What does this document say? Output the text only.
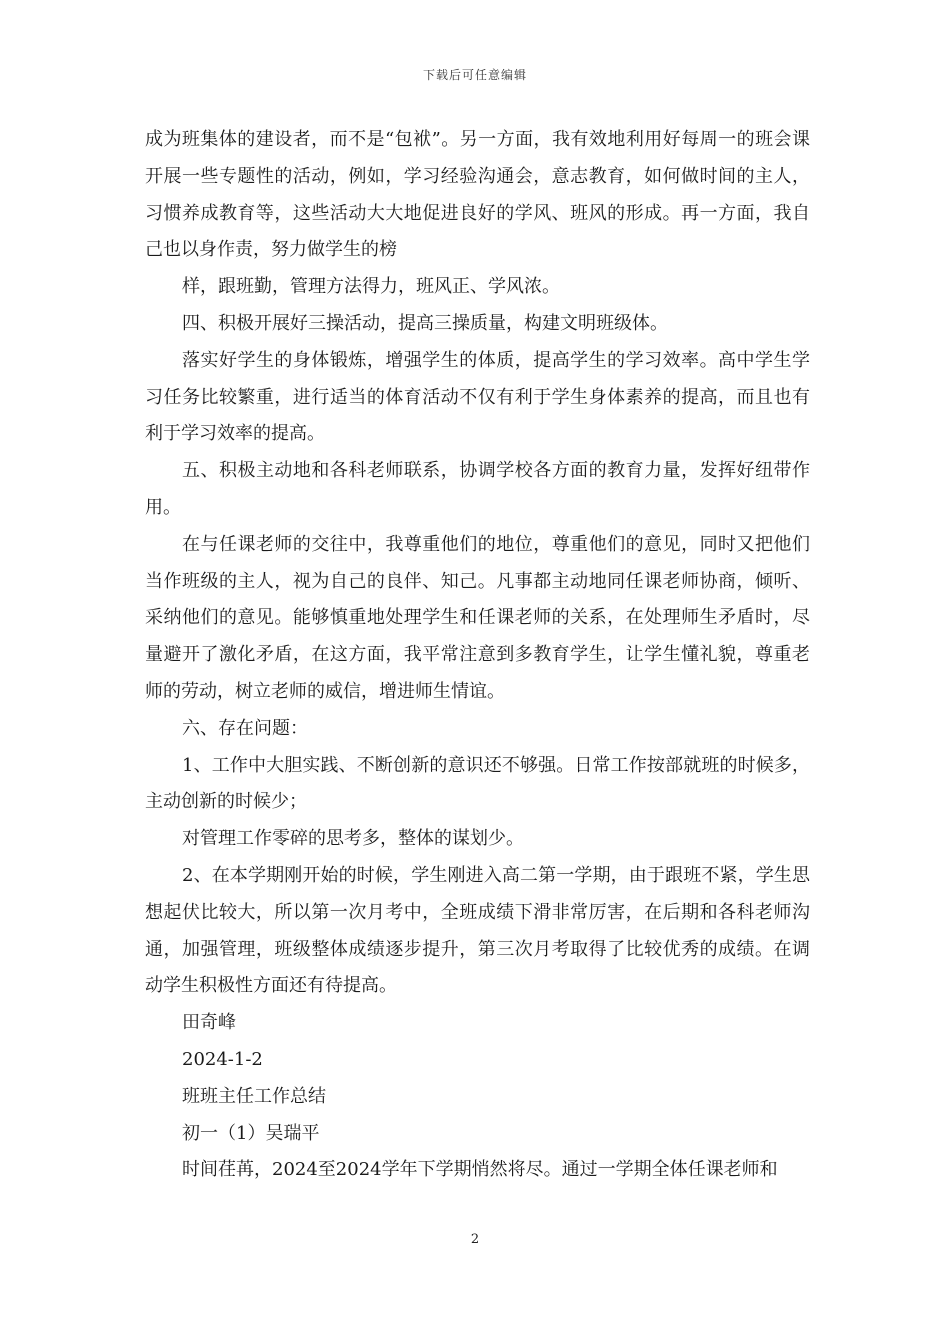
下载后可任意编辑

成为班集体的建设者，而不是“包袱”。另一方面，我有效地利用好每周一的班会课开展一些专题性的活动，例如，学习经验沟通会，意志教育，如何做时间的主人，习惯养成教育等，这些活动大大地促进良好的学风、班风的形成。再一方面，我自己也以身作责，努力做学生的榜

样，跟班勤，管理方法得力，班风正、学风浓。

四、积极开展好三操活动，提高三操质量，构建文明班级体。

落实好学生的身体锻炼，增强学生的体质，提高学生的学习效率。高中学生学习任务比较繁重，进行适当的体育活动不仅有利于学生身体素养的提高，而且也有利于学习效率的提高。

五、积极主动地和各科老师联系，协调学校各方面的教育力量，发挥好纽带作用。

在与任课老师的交往中，我尊重他们的地位，尊重他们的意见，同时又把他们当作班级的主人，视为自己的良伴、知己。凡事都主动地同任课老师协商，倾听、采纳他们的意见。能够慎重地处理学生和任课老师的关系，在处理师生矛盾时，尽量避开了激化矛盾，在这方面，我平常注意到多教育学生，让学生懂礼貌，尊重老师的劳动，树立老师的威信，增进师生情谊。

六、存在问题：

1、工作中大胆实践、不断创新的意识还不够强。日常工作按部就班的时候多，主动创新的时候少；

对管理工作零碎的思考多，整体的谋划少。

2、在本学期刚开始的时候，学生刚进入高二第一学期，由于跟班不紧，学生思想起伏比较大，所以第一次月考中，全班成绩下滑非常厉害，在后期和各科老师沟通，加强管理，班级整体成绩逐步提升，第三次月考取得了比较优秀的成绩。在调动学生积极性方面还有待提高。

田奇峰

2024-1-2

班班主任工作总结

初一（1）吴瑞平

时间荏苒，2024至2024学年下学期悄然将尽。通过一学期全体任课老师和

2
